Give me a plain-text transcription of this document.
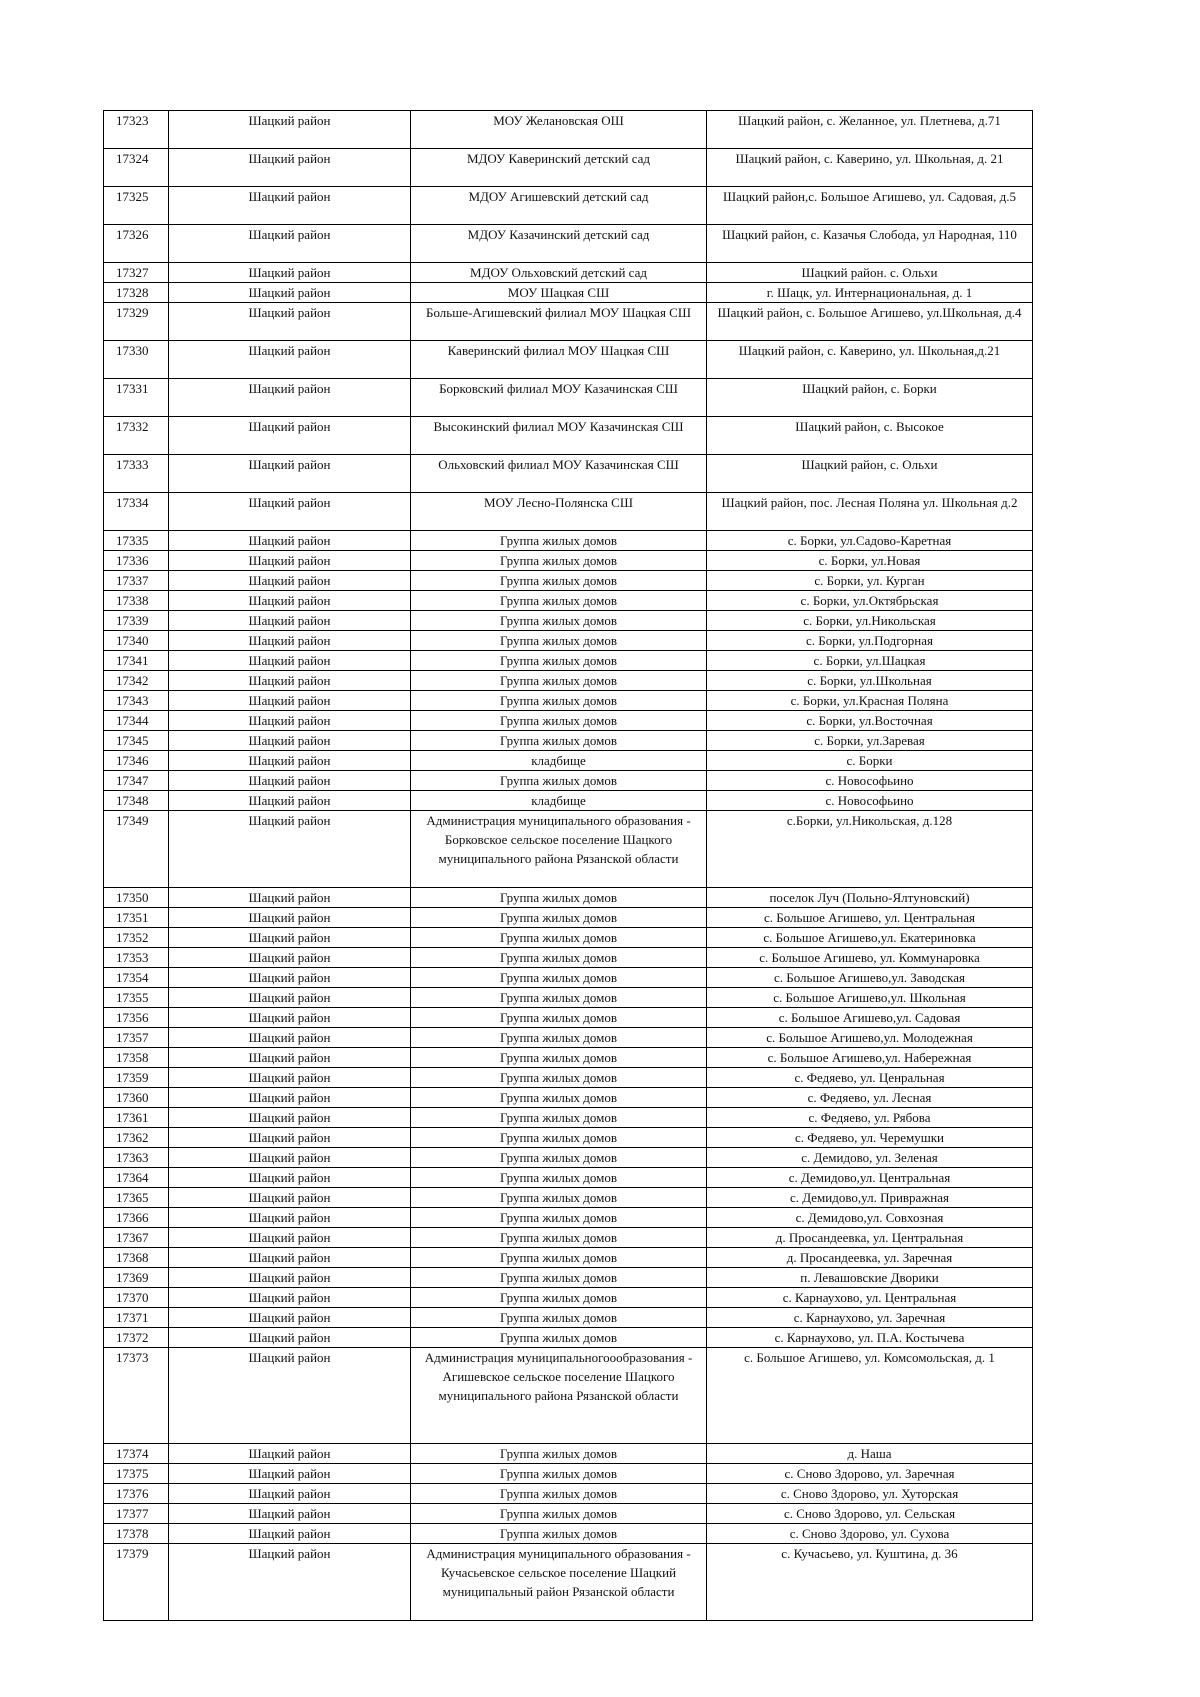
17323	Шацкий район	МОУ Желановская ОШ	Шацкий район, с. Желанное, ул. Плетнева, д.71
17324	Шацкий район	МДОУ Каверинский детский сад	Шацкий район, с. Каверино, ул. Школьная, д. 21
17325	Шацкий район	МДОУ Агишевский детский сад	Шацкий район,с. Большое Агишево, ул. Садовая, д.5
17326	Шацкий район	МДОУ Казачинский детский сад	Шацкий район, с. Казачья Слобода, ул Народная, 110
17327	Шацкий район	МДОУ Ольховский детский сад	Шацкий район. с. Ольхи
17328	Шацкий район	МОУ Шацкая СШ	г. Шацк, ул. Интернациональная, д. 1
17329	Шацкий район	Больше-Агишевский филиал МОУ Шацкая СШ	Шацкий район, с. Большое Агишево, ул.Школьная, д.4
17330	Шацкий район	Каверинский филиал МОУ Шацкая СШ	Шацкий район, с. Каверино, ул. Школьная,д.21
17331	Шацкий район	Борковский филиал МОУ Казачинская СШ	Шацкий район, с. Борки
17332	Шацкий район	Высокинский филиал МОУ Казачинская СШ	Шацкий район, с. Высокое
17333	Шацкий район	Ольховский филиал МОУ Казачинская СШ	Шацкий район, с. Ольхи
17334	Шацкий район	МОУ Лесно-Полянска СШ	Шацкий район, пос. Лесная Поляна ул. Школьная д.2
17335	Шацкий район	Группа жилых домов	с. Борки, ул.Садово-Каретная
17336	Шацкий район	Группа жилых домов	с. Борки, ул.Новая
17337	Шацкий район	Группа жилых домов	с. Борки, ул. Курган
17338	Шацкий район	Группа жилых домов	с. Борки, ул.Октябрьская
17339	Шацкий район	Группа жилых домов	с. Борки, ул.Никольская
17340	Шацкий район	Группа жилых домов	с. Борки, ул.Подгорная
17341	Шацкий район	Группа жилых домов	с. Борки, ул.Шацкая
17342	Шацкий район	Группа жилых домов	с. Борки, ул.Школьная
17343	Шацкий район	Группа жилых домов	с. Борки, ул.Красная Поляна
17344	Шацкий район	Группа жилых домов	с. Борки, ул.Восточная
17345	Шацкий район	Группа жилых домов	с. Борки, ул.Заревая
17346	Шацкий район	кладбище	с. Борки
17347	Шацкий район	Группа жилых домов	с. Новософьино
17348	Шацкий район	кладбище	с. Новософьино
17349	Шацкий район	Администрация муниципального образования - Борковское сельское поселение Шацкого муниципального района Рязанской области	с.Борки, ул.Никольская, д.128
17350	Шацкий район	Группа жилых домов	поселок Луч (Польно-Ялтуновский)
17351	Шацкий район	Группа жилых домов	с. Большое Агишево, ул. Центральная
17352	Шацкий район	Группа жилых домов	с. Большое Агишево,ул. Екатериновка
17353	Шацкий район	Группа жилых домов	с. Большое Агишево, ул. Коммунаровка
17354	Шацкий район	Группа жилых домов	с. Большое Агишево,ул. Заводская
17355	Шацкий район	Группа жилых домов	с. Большое Агишево,ул. Школьная
17356	Шацкий район	Группа жилых домов	с. Большое Агишево,ул. Садовая
17357	Шацкий район	Группа жилых домов	с. Большое Агишево,ул. Молодежная
17358	Шацкий район	Группа жилых домов	с. Большое Агишево,ул. Набережная
17359	Шацкий район	Группа жилых домов	с. Федяево, ул. Ценральная
17360	Шацкий район	Группа жилых домов	с. Федяево, ул. Лесная
17361	Шацкий район	Группа жилых домов	с. Федяево, ул. Рябова
17362	Шацкий район	Группа жилых домов	с. Федяево, ул. Черемушки
17363	Шацкий район	Группа жилых домов	с. Демидово, ул. Зеленая
17364	Шацкий район	Группа жилых домов	с. Демидово,ул. Центральная
17365	Шацкий район	Группа жилых домов	с. Демидово,ул. Привражная
17366	Шацкий район	Группа жилых домов	с. Демидово,ул. Совхозная
17367	Шацкий район	Группа жилых домов	д. Просандеевка, ул. Центральная
17368	Шацкий район	Группа жилых домов	д. Просандеевка, ул. Заречная
17369	Шацкий район	Группа жилых домов	п. Левашовские Дворики
17370	Шацкий район	Группа жилых домов	с. Карнаухово, ул. Центральная
17371	Шацкий район	Группа жилых домов	с. Карнаухово, ул. Заречная
17372	Шацкий район	Группа жилых домов	с. Карнаухово, ул. П.А. Костычева
17373	Шацкий район	Администрация муниципальногоообразования - Агишевское сельское поселение Шацкого муниципального района Рязанской области	с. Большое Агишево, ул. Комсомольская, д. 1
17374	Шацкий район	Группа жилых домов	д. Наша
17375	Шацкий район	Группа жилых домов	с. Сново Здорово, ул. Заречная
17376	Шацкий район	Группа жилых домов	с. Сново Здорово, ул. Хуторская
17377	Шацкий район	Группа жилых домов	с. Сново Здорово, ул. Сельская
17378	Шацкий район	Группа жилых домов	с. Сново Здорово, ул. Сухова
17379	Шацкий район	Администрация муниципального образования - Кучасьевское сельское поселение Шацкий муниципальный район Рязанской области	с. Кучасьево, ул. Куштина, д. 36
